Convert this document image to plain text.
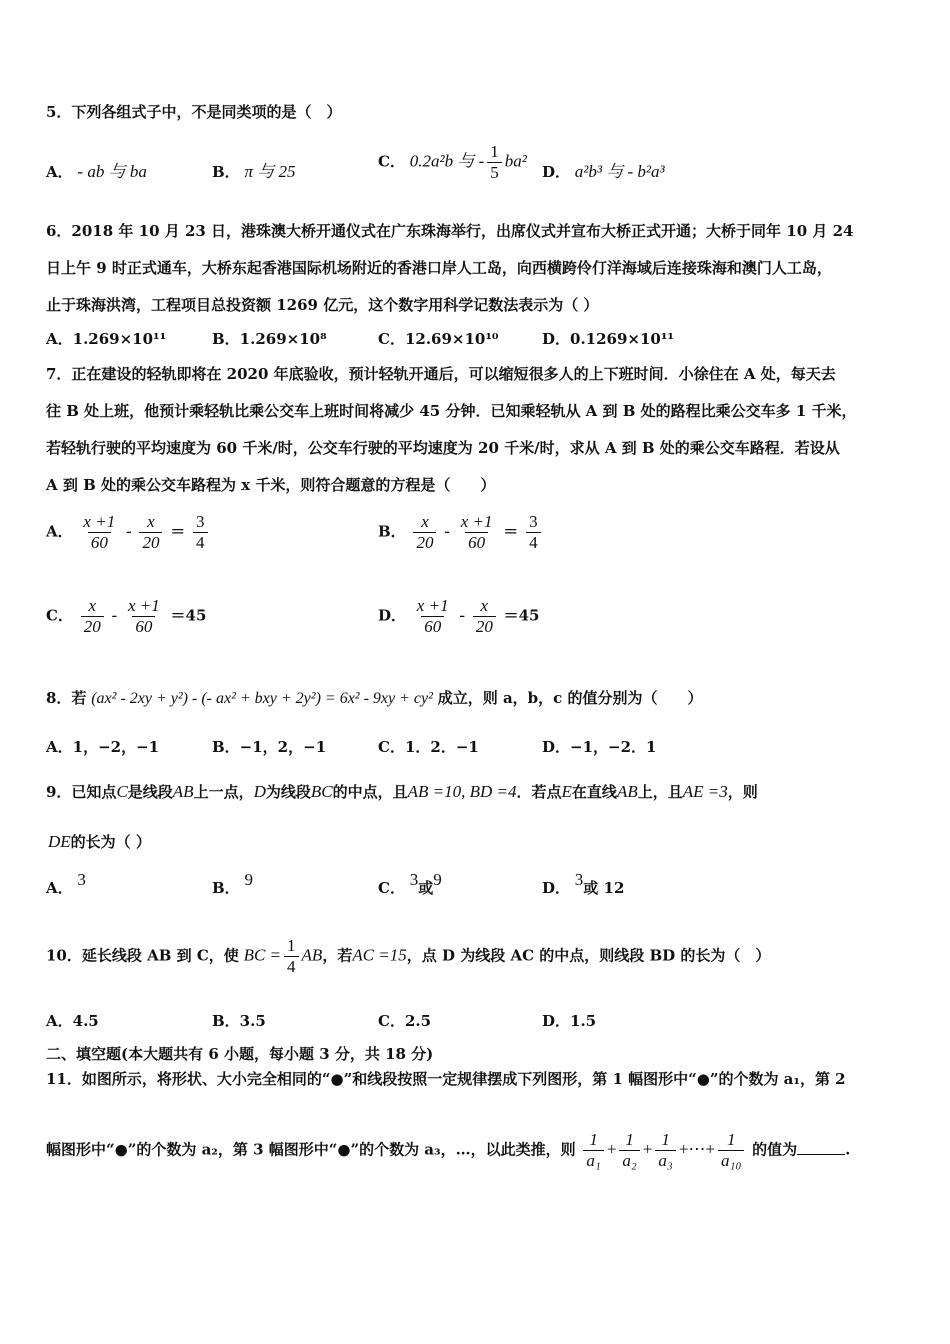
5．下列各组式子中，不是同类项的是（　）
A． - ab 与 ba	B． π 与 25
C． 0.2a²b 与 - $\frac{1}{5} ba^2$
D． a²b³ 与 - b²a³
6．2018 年 10 月 23 日，港珠澳大桥开通仪式在广东珠海举行，出席仪式并宣布大桥正式开通；大桥于同年 10 月 24
日上午 9 时正式通车，大桥东起香港国际机场附近的香港口岸人工岛，向西横跨伶仃洋海域后连接珠海和澳门人工岛，
止于珠海洪湾，工程项目总投资额 1269 亿元，这个数字用科学记数法表示为（ ）
A．1.269×10¹¹	B．1.269×10⁸	C．12.69×10¹⁰	D．0.1269×10¹¹
7．正在建设的轻轨即将在 2020 年底验收，预计轻轨开通后，可以缩短很多人的上下班时间．小徐住在 A 处，每天去
往 B 处上班，他预计乘轻轨比乘公交车上班时间将减少 45 分钟．已知乘轻轨从 A 到 B 处的路程比乘公交车多 1 千米，
若轻轨行驶的平均速度为 60 千米/时，公交车行驶的平均速度为 20 千米/时，求从 A 到 B 处的乘公交车路程．若设从
A 到 B 处的乘公交车路程为 x 千米，则符合题意的方程是（　　）
A． $\frac{x +1}{60} - \frac{x}{20} = \frac{3}{4}$	B． $\frac{x}{20} - \frac{x +1}{60} = \frac{3}{4}$
C． $\frac{x}{20} - \frac{x +1}{60} =45$	D． $\frac{x +1}{60} - \frac{x}{20} =45$
8．若 (ax² - 2xy + y²) - (- ax² + bxy + 2y²) = 6x² - 9xy + cy² 成立，则 a，b，c 的值分别为（　　）
A．1，−2，−1	B．−1，2，−1	C．1．2．−1	D．−1，−2．1
9．已知点C是线段AB上一点，D为线段BC的中点，且AB =10, BD =4．若点E在直线AB上，且AE =3，则
DE的长为（ ）
A． 3	B． 9	C． 3或9	D． 3或 12
10．延长线段 AB 到 C，使 BC = $\frac{1}{4}$ AB，若AC =15，点 D 为线段 AC 的中点，则线段 BD 的长为（　）
A．4.5	B．3.5	C．2.5	D．1.5
二、填空题(本大题共有 6 小题，每小题 3 分，共 18 分)
11．如图所示，将形状、大小完全相同的“●”和线段按照一定规律摆成下列图形，第 1 幅图形中“●”的个数为 a₁，第 2
幅图形中“●”的个数为 a₂，第 3 幅图形中“●”的个数为 a₃，…，以此类推，则 $\frac{1}{\text{a₁}} + \frac{1}{\text{a₂}} + \frac{1}{\text{a₃}}$ +⋯+ $\frac{1}{\text{a₁₀}}$ 的值为	.
